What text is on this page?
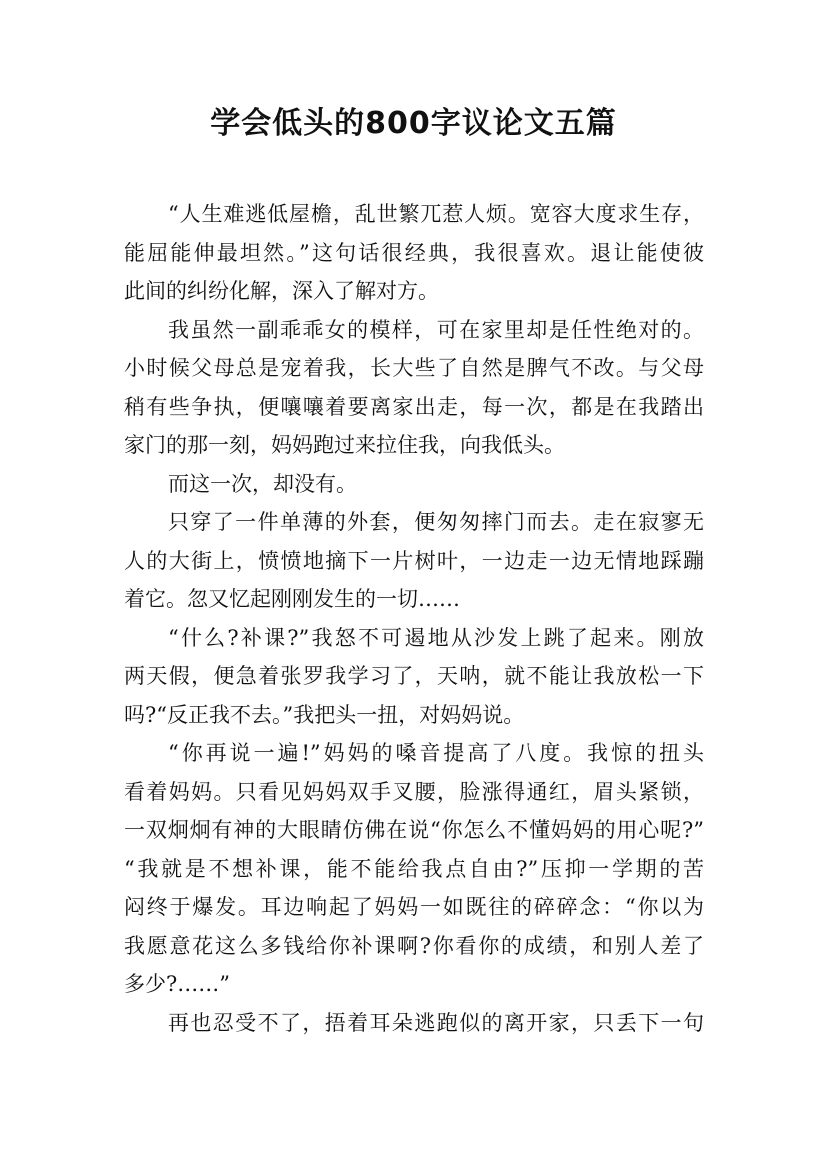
学会低头的800字议论文五篇
“人生难逃低屋檐，乱世繁兀惹人烦。宽容大度求生存，
能屈能伸最坦然。”这句话很经典，我很喜欢。退让能使彼
此间的纠纷化解，深入了解对方。
我虽然一副乖乖女的模样，可在家里却是任性绝对的。
小时候父母总是宠着我，长大些了自然是脾气不改。与父母
稍有些争执，便嚷嚷着要离家出走，每一次，都是在我踏出
家门的那一刻，妈妈跑过来拉住我，向我低头。
而这一次，却没有。
只穿了一件单薄的外套，便匆匆摔门而去。走在寂寥无
人的大街上，愤愤地摘下一片树叶，一边走一边无情地踩蹦
着它。忽又忆起刚刚发生的一切……
“什么?补课?”我怒不可遏地从沙发上跳了起来。刚放
两天假，便急着张罗我学习了，天呐，就不能让我放松一下
吗?“反正我不去。”我把头一扭，对妈妈说。
“你再说一遍!”妈妈的嗓音提高了八度。我惊的扭头
看着妈妈。只看见妈妈双手叉腰，脸涨得通红，眉头紧锁，
一双炯炯有神的大眼睛仿佛在说“你怎么不懂妈妈的用心呢?”
“我就是不想补课，能不能给我点自由?”压抑一学期的苦
闷终于爆发。耳边响起了妈妈一如既往的碎碎念：“你以为
我愿意花这么多钱给你补课啊?你看你的成绩，和别人差了
多少?……”
再也忍受不了，捂着耳朵逃跑似的离开家，只丢下一句
